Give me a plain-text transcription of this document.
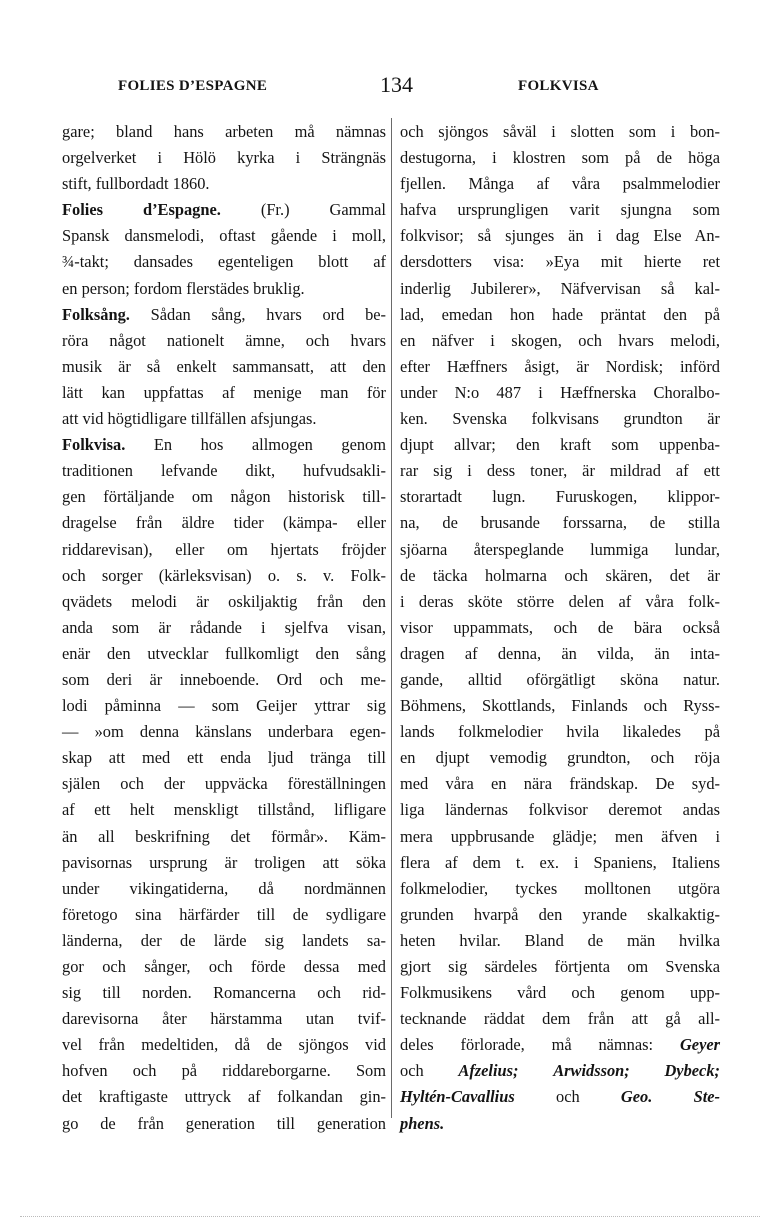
FOLIES D’ESPAGNE	134	FOLKVISA
gare; bland hans arbeten må nämnas
orgelverket i Hölö kyrka i Strängnäs
stift, fullbordadt 1860.
Folies d’Espagne. (Fr.) Gammal
Spansk dansmelodi, oftast gående i moll,
¾-takt; dansades egenteligen blott af
en person; fordom flerstädes bruklig.
Folksång. Sådan sång, hvars ord be-
röra något nationelt ämne, och hvars
musik är så enkelt sammansatt, att den
lätt kan uppfattas af menige man för
att vid högtidligare tillfällen afsjungas.
Folkvisa. En hos allmogen genom
traditionen lefvande dikt, hufvudsakli-
gen förtäljande om någon historisk till-
dragelse från äldre tider (kämpa- eller
riddarevisan), eller om hjertats fröjder
och sorger (kärleksvisan) o. s. v. Folk-
qvädets melodi är oskiljaktig från den
anda som är rådande i sjelfva visan,
enär den utvecklar fullkomligt den sång
som deri är inneboende. Ord och me-
lodi påminna — som Geijer yttrar sig
— »om denna känslans underbara egen-
skap att med ett enda ljud tränga till
själen och der uppväcka föreställningen
af ett helt menskligt tillstånd, lifligare
än all beskrifning det förmår». Käm-
pavisornas ursprung är troligen att söka
under vikingatiderna, då nordmännen
företogo sina härfärder till de sydligare
länderna, der de lärde sig landets sa-
gor och sånger, och förde dessa med
sig till norden. Romancerna och rid-
darevisorna åter härstamma utan tvif-
vel från medeltiden, då de sjöngos vid
hofven och på riddareborgarne. Som
det kraftigaste uttryck af folkandan gin-
go de från generation till generation
och sjöngos såväl i slotten som i bon-
destugorna, i klostren som på de höga
fjellen. Många af våra psalmmelodier
hafva ursprungligen varit sjungna som
folkvisor; så sjunges än i dag Else An-
dersdotters visa: »Eya mit hierte ret
inderlig Jubilerer», Näfvervisan så kal-
lad, emedan hon hade präntat den på
en näfver i skogen, och hvars melodi,
efter Hæffners åsigt, är Nordisk; införd
under N:o 487 i Hæffnerska Choralbo-
ken. Svenska folkvisans grundton är
djupt allvar; den kraft som uppenba-
rar sig i dess toner, är mildrad af ett
storartadt lugn. Furuskogen, klippor-
na, de brusande forssarna, de stilla
sjöarna återspeglande lummiga lundar,
de täcka holmarna och skären, det är
i deras sköte större delen af våra folk-
visor uppammats, och de bära också
dragen af denna, än vilda, än inta-
gande, alltid oförgätligt sköna natur.
Böhmens, Skottlands, Finlands och Ryss-
lands folkmelodier hvila likaledes på
en djupt vemodig grundton, och röja
med våra en nära frändskap. De syd-
liga ländernas folkvisor deremot andas
mera uppbrusande glädje; men äfven i
flera af dem t. ex. i Spaniens, Italiens
folkmelodier, tyckes molltonen utgöra
grunden hvarpå den yrande skalkaktig-
heten hvilar. Bland de män hvilka
gjort sig särdeles förtjenta om Svenska
Folkmusikens vård och genom upp-
tecknande räddat dem från att gå all-
deles förlorade, må nämnas: Geyer
och Afzelius; Arwidsson; Dybeck;
Hyltén-Cavallius och Geo.	Ste-
phens.
